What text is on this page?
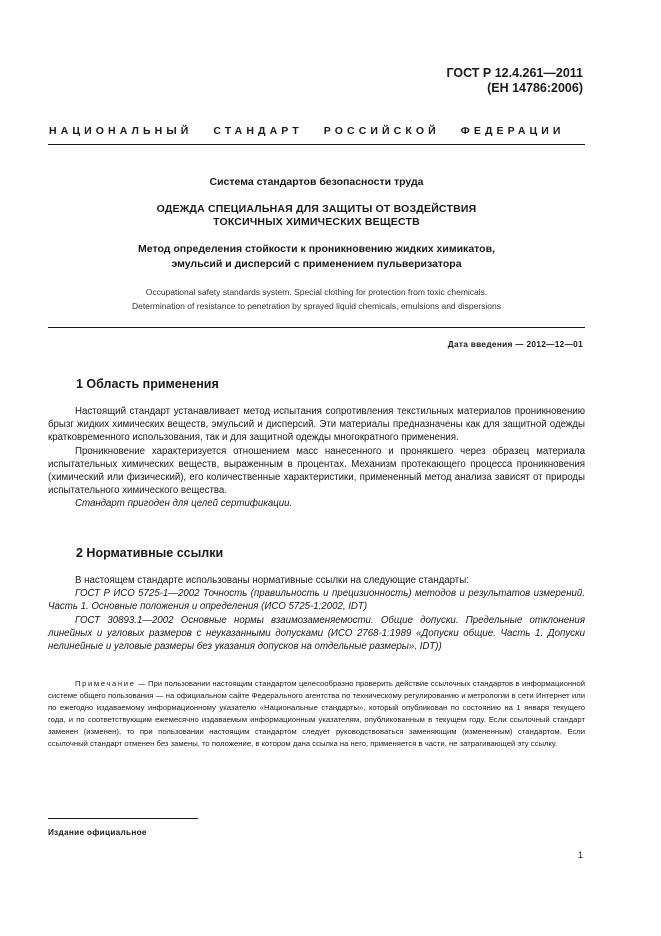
ГОСТ Р 12.4.261—2011
(ЕН 14786:2006)
НАЦИОНАЛЬНЫЙ СТАНДАРТ РОССИЙСКОЙ ФЕДЕРАЦИИ
Система стандартов безопасности труда
ОДЕЖДА СПЕЦИАЛЬНАЯ ДЛЯ ЗАЩИТЫ ОТ ВОЗДЕЙСТВИЯ
ТОКСИЧНЫХ ХИМИЧЕСКИХ ВЕЩЕСТВ
Метод определения стойкости к проникновению жидких химикатов,
эмульсий и дисперсий с применением пульверизатора
Occupational safety standards system. Special clothing for protection from toxic chemicals.
Determination of resistance to penetration by sprayed liquid chemicals, emulsions and dispersions
Дата введения — 2012—12—01
1 Область применения

Настоящий стандарт устанавливает метод испытания сопротивления текстильных материалов проникновению брызг жидких химических веществ, эмульсий и дисперсий. Эти материалы предназначены как для защитной одежды кратковременного использования, так и для защитной одежды многократного применения.

Проникновение характеризуется отношением масс нанесенного и пронякшего через образец материала испытательных химических веществ, выраженным в процентах. Механизм протекающего процесса проникновения (химический или физический), его количественные характеристики, примененный метод анализа зависят от природы испытательного химического вещества.

Стандарт пригоден для целей сертификации.

2 Нормативные ссылки

В настоящем стандарте использованы нормативные ссылки на следующие стандарты:

ГОСТ Р ИСО 5725-1—2002 Точность (правильность и прецизионность) методов и результатов измерений. Часть 1. Основные положения и определения (ИСО 5725-1:2002, IDT)

ГОСТ 30893.1—2002 Основные нормы взаимозаменяемости. Общие допуски. Предельные отклонения линейных и угловых размеров с неуказанными допусками (ИСО 2768-1:1989 «Допуски общие. Часть 1. Допуски нелинейные и угловые размеры без указания допусков на отдельные размеры», IDT))

Примечание — При пользовании настоящим стандартом целесообразно проверить действие ссылочных стандартов в информационной системе общего пользования — на официальном сайте Федерального агентства по техническому регулированию и метрологии в сети Интернет или по ежегодно издаваемому информационному указателю «Национальные стандарты», который опубликован по состоянию на 1 января текущего года, и по соответствующим ежемесячно издаваемым информационным указателям, опубликованным в текущем году. Если ссылочный стандарт заменен (изменен), то при пользовании настоящим стандартом следует руководствоваться заменяющим (измененным) стандартом. Если ссылочный стандарт отменен без замены, то положение, в котором дана ссылка на него, применяется в части, не затрагивающей эту ссылку.
Издание официальное
1
